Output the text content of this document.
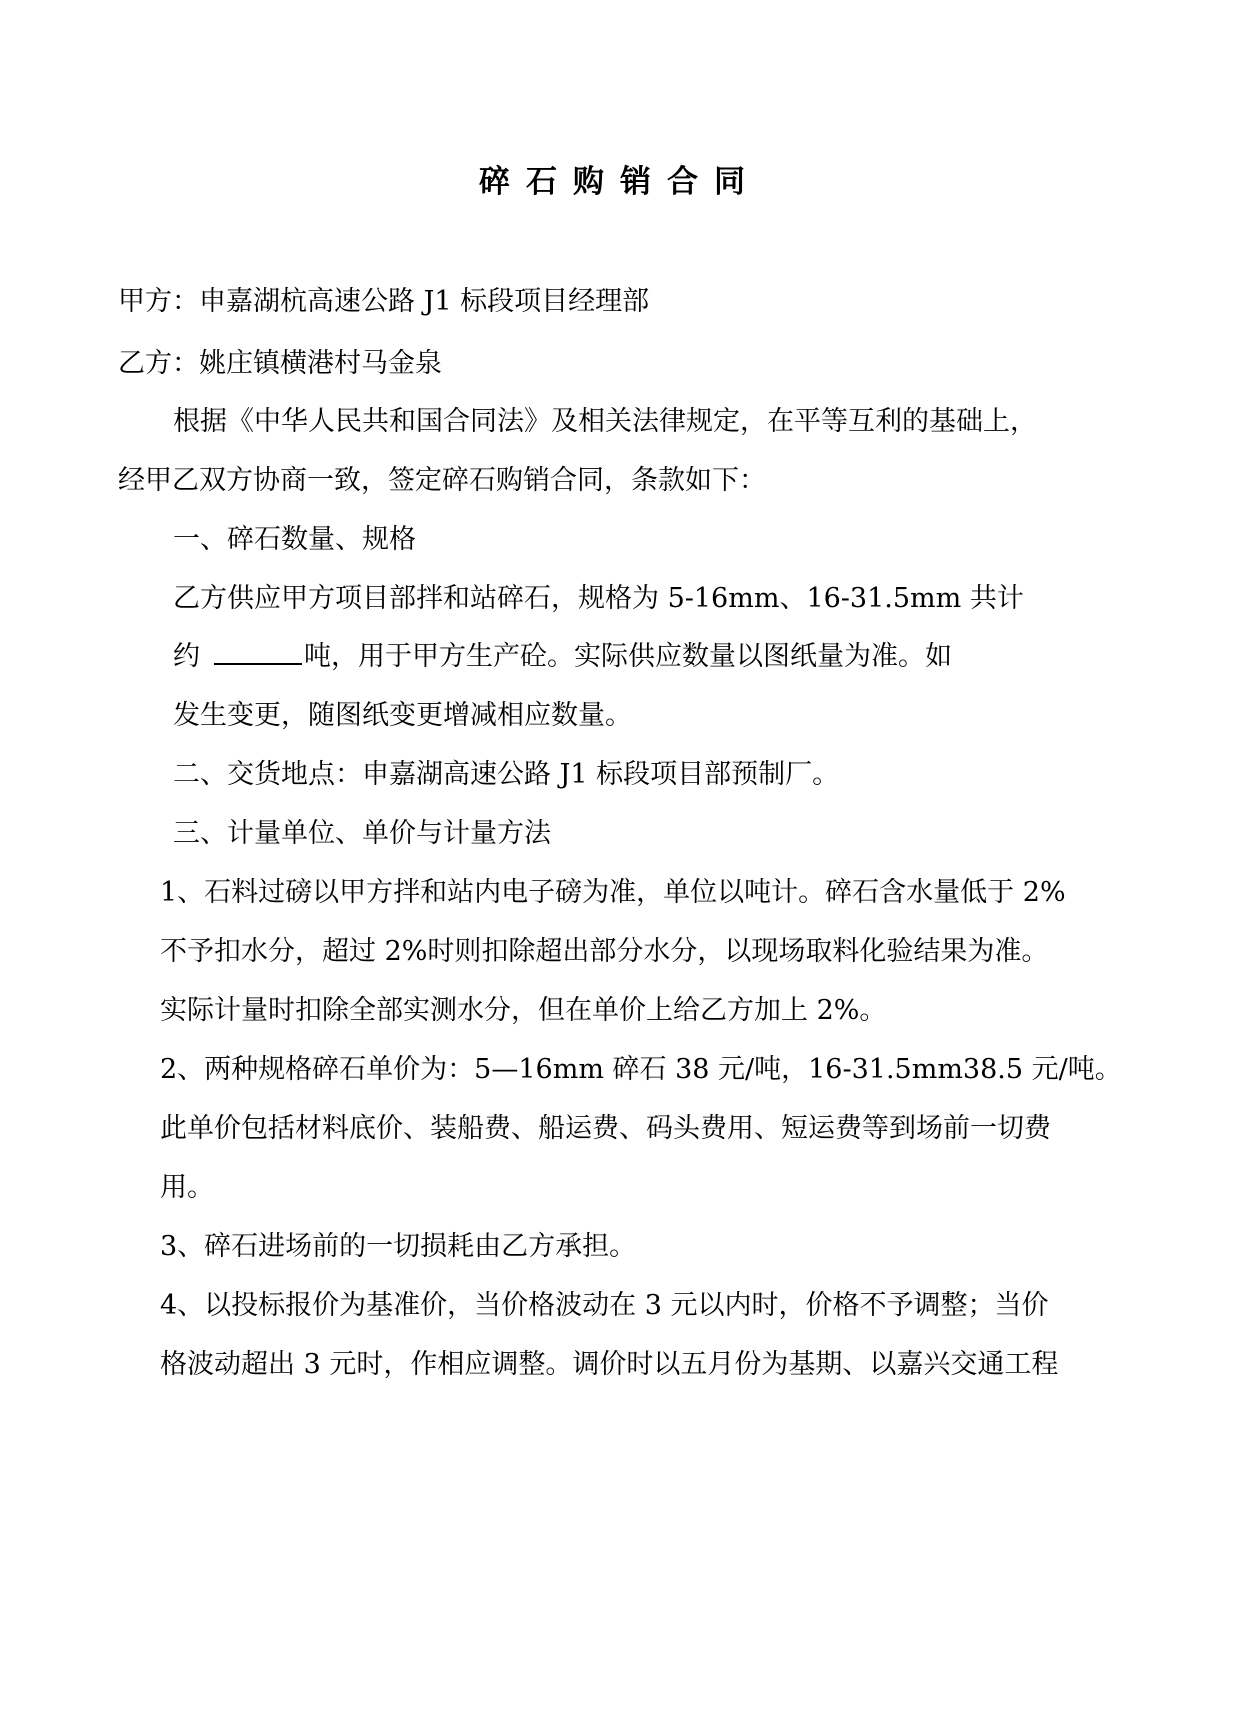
碎石购销合同
甲方：申嘉湖杭高速公路 J1 标段项目经理部
乙方：姚庄镇横港村马金泉
根据《中华人民共和国合同法》及相关法律规定，在平等互利的基础上，
经甲乙双方协商一致，签定碎石购销合同，条款如下：
一、碎石数量、规格
乙方供应甲方项目部拌和站碎石，规格为 5-16mm、16-31.5mm 共计
约	吨，用于甲方生产砼。实际供应数量以图纸量为准。如
发生变更，随图纸变更增减相应数量。
二、交货地点：申嘉湖高速公路 J1 标段项目部预制厂。
三、计量单位、单价与计量方法
1、石料过磅以甲方拌和站内电子磅为准，单位以吨计。碎石含水量低于 2%
不予扣水分，超过 2%时则扣除超出部分水分，以现场取料化验结果为准。
实际计量时扣除全部实测水分，但在单价上给乙方加上 2%。
2、两种规格碎石单价为：5—16mm 碎石 38 元/吨，16-31.5mm38.5 元/吨。
此单价包括材料底价、装船费、船运费、码头费用、短运费等到场前一切费
用。
3、碎石进场前的一切损耗由乙方承担。
4、以投标报价为基准价，当价格波动在 3 元以内时，价格不予调整；当价
格波动超出 3 元时，作相应调整。调价时以五月份为基期、以嘉兴交通工程
